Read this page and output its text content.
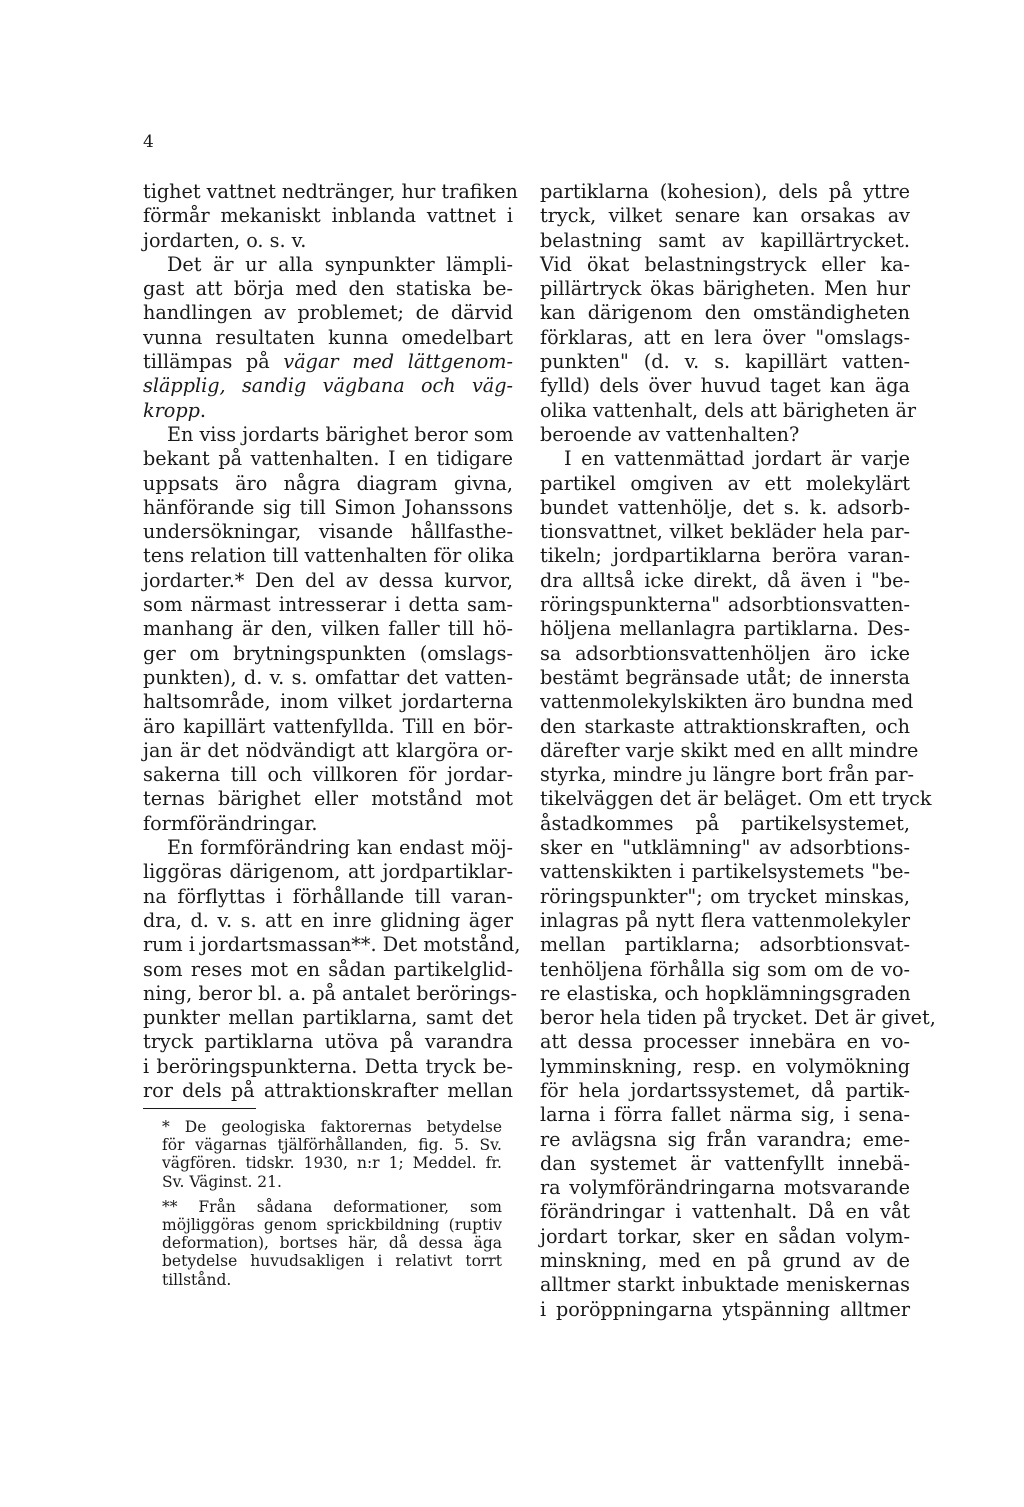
4
tighet vattnet nedtränger, hur trafiken
förmår mekaniskt inblanda vattnet i
jordarten, o. s. v.
Det är ur alla synpunkter lämpli-
gast att börja med den statiska be-
handlingen av problemet; de därvid
vunna resultaten kunna omedelbart
tillämpas på vägar med lättgenom-
släpplig, sandig vägbana och väg-
kropp.
En viss jordarts bärighet beror som
bekant på vattenhalten. I en tidigare
uppsats äro några diagram givna,
hänförande sig till Simon Johanssons
undersökningar, visande hållfasthe-
tens relation till vattenhalten för olika
jordarter.* Den del av dessa kurvor,
som närmast intresserar i detta sam-
manhang är den, vilken faller till hö-
ger om brytningspunkten (omslags-
punkten), d. v. s. omfattar det vatten-
haltsområde, inom vilket jordarterna
äro kapillärt vattenfyllda. Till en bör-
jan är det nödvändigt att klargöra or-
sakerna till och villkoren för jordar-
ternas bärighet eller motstånd mot
formförändringar.
En formförändring kan endast möj-
liggöras därigenom, att jordpartiklar-
na förflyttas i förhållande till varan-
dra, d. v. s. att en inre glidning äger
rum i jordartsmassan**. Det motstånd,
som reses mot en sådan partikelglid-
ning, beror bl. a. på antalet berörings-
punkter mellan partiklarna, samt det
tryck partiklarna utöva på varandra
i beröringspunkterna. Detta tryck be-
ror dels på attraktionskrafter mellan
partiklarna (kohesion), dels på yttre
tryck, vilket senare kan orsakas av
belastning samt av kapillärtrycket.
Vid ökat belastningstryck eller ka-
pillärtryck ökas bärigheten. Men hur
kan därigenom den omständigheten
förklaras, att en lera över "omslags-
punkten" (d. v. s. kapillärt vatten-
fylld) dels över huvud taget kan äga
olika vattenhalt, dels att bärigheten är
beroende av vattenhalten?
I en vattenmättad jordart är varje
partikel omgiven av ett molekylärt
bundet vattenhölje, det s. k. adsorb-
tionsvattnet, vilket bekläder hela par-
tikeln; jordpartiklarna beröra varan-
dra alltså icke direkt, då även i "be-
röringspunkterna" adsorbtionsvatten-
höljena mellanlagra partiklarna. Des-
sa adsorbtionsvattenhöljen äro icke
bestämt begränsade utåt; de innersta
vattenmolekylskikten äro bundna med
den starkaste attraktionskraften, och
därefter varje skikt med en allt mindre
styrka, mindre ju längre bort från par-
tikelväggen det är beläget. Om ett tryck
åstadkommes på partikelsystemet,
sker en "utklämning" av adsorbtions-
vattenskikten i partikelsystemets "be-
röringspunkter"; om trycket minskas,
inlagras på nytt flera vattenmolekyler
mellan partiklarna; adsorbtionsvat-
tenhöljena förhålla sig som om de vo-
re elastiska, och hopklämningsgraden
beror hela tiden på trycket. Det är givet,
att dessa processer innebära en vo-
lymminskning, resp. en volymökning
för hela jordartssystemet, då partik-
larna i förra fallet närma sig, i sena-
re avlägsna sig från varandra; eme-
dan systemet är vattenfyllt innebä-
ra volymförändringarna motsvarande
förändringar i vattenhalt. Då en våt
jordart torkar, sker en sådan volym-
minskning, med en på grund av de
alltmer starkt inbuktade meniskernas
i poröppningarna ytspänning alltmer
* De geologiska faktorernas betydelse
för vägarnas tjälförhållanden, fig. 5. Sv.
vägfören. tidskr. 1930, n:r 1; Meddel. fr.
Sv. Väginst. 21.
** Från sådana deformationer, som
möjliggöras genom sprickbildning (ruptiv
deformation), bortses här, då dessa äga
betydelse huvudsakligen i relativt torrt
tillstånd.
